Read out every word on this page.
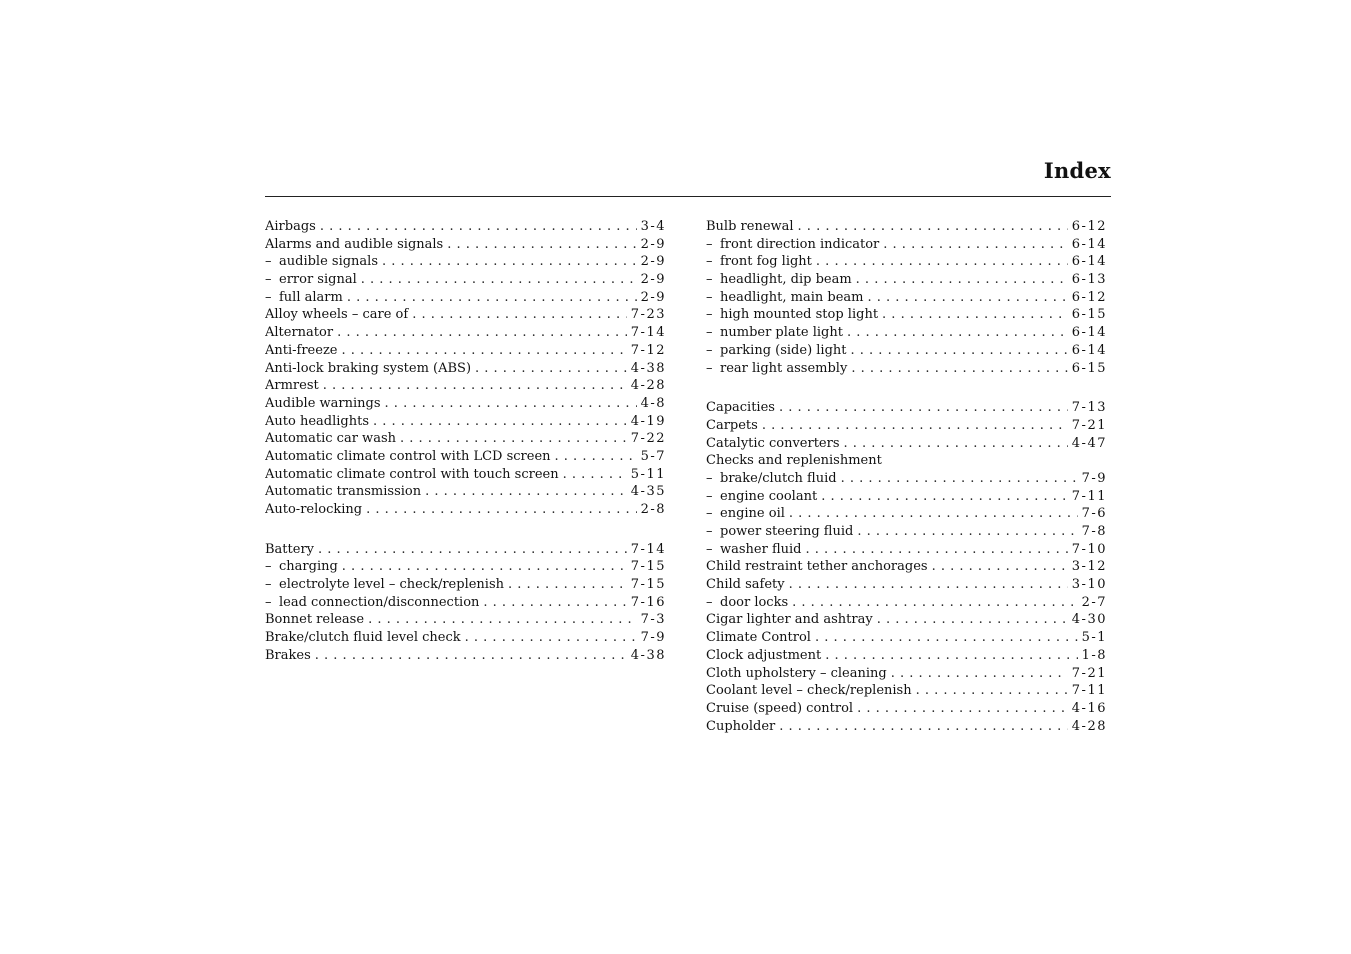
Index
Airbags . . .	3-4
Alarms and audible signals . . .	2-9
– audible signals . . .	2-9
– error signal . . .	2-9
– full alarm . . .	2-9
Alloy wheels – care of . . .	7-23
Alternator . . .	7-14
Anti-freeze . . .	7-12
Anti-lock braking system (ABS) . . .	4-38
Armrest . . .	4-28
Audible warnings . . .	4-8
Auto headlights . . .	4-19
Automatic car wash . . .	7-22
Automatic climate control with LCD screen . . .	5-7
Automatic climate control with touch screen . . .	5-11
Automatic transmission . . .	4-35
Auto-relocking . . .	2-8
Battery . . .	7-14
– charging . . .	7-15
– electrolyte level – check/replenish . . .	7-15
– lead connection/disconnection . . .	7-16
Bonnet release . . .	7-3
Brake/clutch fluid level check . . .	7-9
Brakes . . .	4-38
Bulb renewal . . .	6-12
– front direction indicator . . .	6-14
– front fog light . . .	6-14
– headlight, dip beam . . .	6-13
– headlight, main beam . . .	6-12
– high mounted stop light . . .	6-15
– number plate light . . .	6-14
– parking (side) light . . .	6-14
– rear light assembly . . .	6-15
Capacities . . .	7-13
Carpets . . .	7-21
Catalytic converters . . .	4-47
Checks and replenishment
– brake/clutch fluid . . .	7-9
– engine coolant . . .	7-11
– engine oil . . .	7-6
– power steering fluid . . .	7-8
– washer fluid . . .	7-10
Child restraint tether anchorages . . .	3-12
Child safety . . .	3-10
– door locks . . .	2-7
Cigar lighter and ashtray . . .	4-30
Climate Control . . .	5-1
Clock adjustment . . .	1-8
Cloth upholstery – cleaning . . .	7-21
Coolant level – check/replenish . . .	7-11
Cruise (speed) control . . .	4-16
Cupholder . . .	4-28
